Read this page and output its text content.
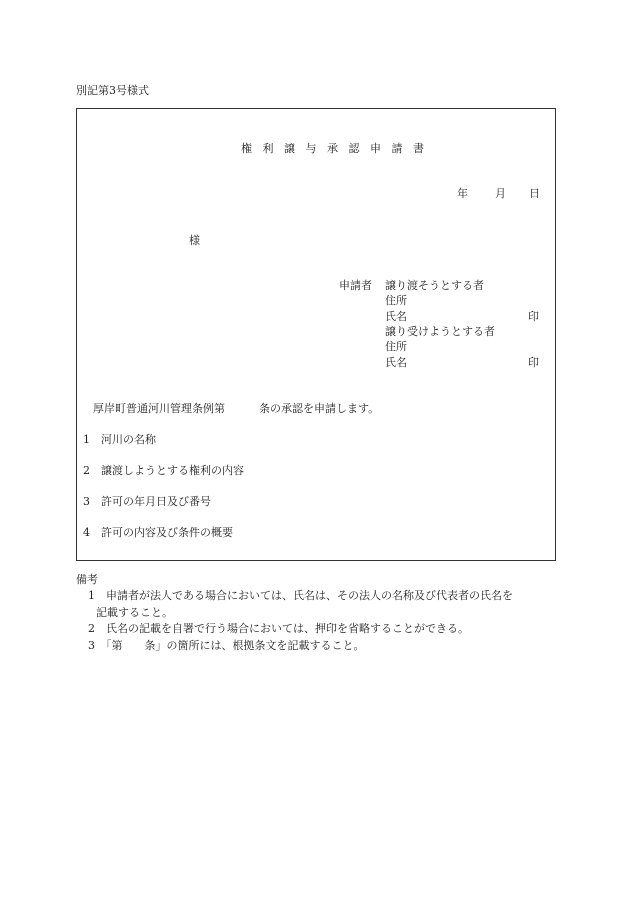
別記第3号様式
権 利 譲 与 承 認 申 請 書
年 月 日
様
申請者 譲り渡そうとする者
住所
氏名	印
譲り受けようとする者
住所
氏名	印
厚岸町普通河川管理条例第	条の承認を申請します。
1　河川の名称
2　譲渡しようとする権利の内容
3　許可の年月日及び番号
4　許可の内容及び条件の概要
備考
1　申請者が法人である場合においては、氏名は、その法人の名称及び代表者の氏名を
記載すること。
2　氏名の記載を自署で行う場合においては、押印を省略することができる。
3　「第　　条」の箇所には、根拠条文を記載すること。
